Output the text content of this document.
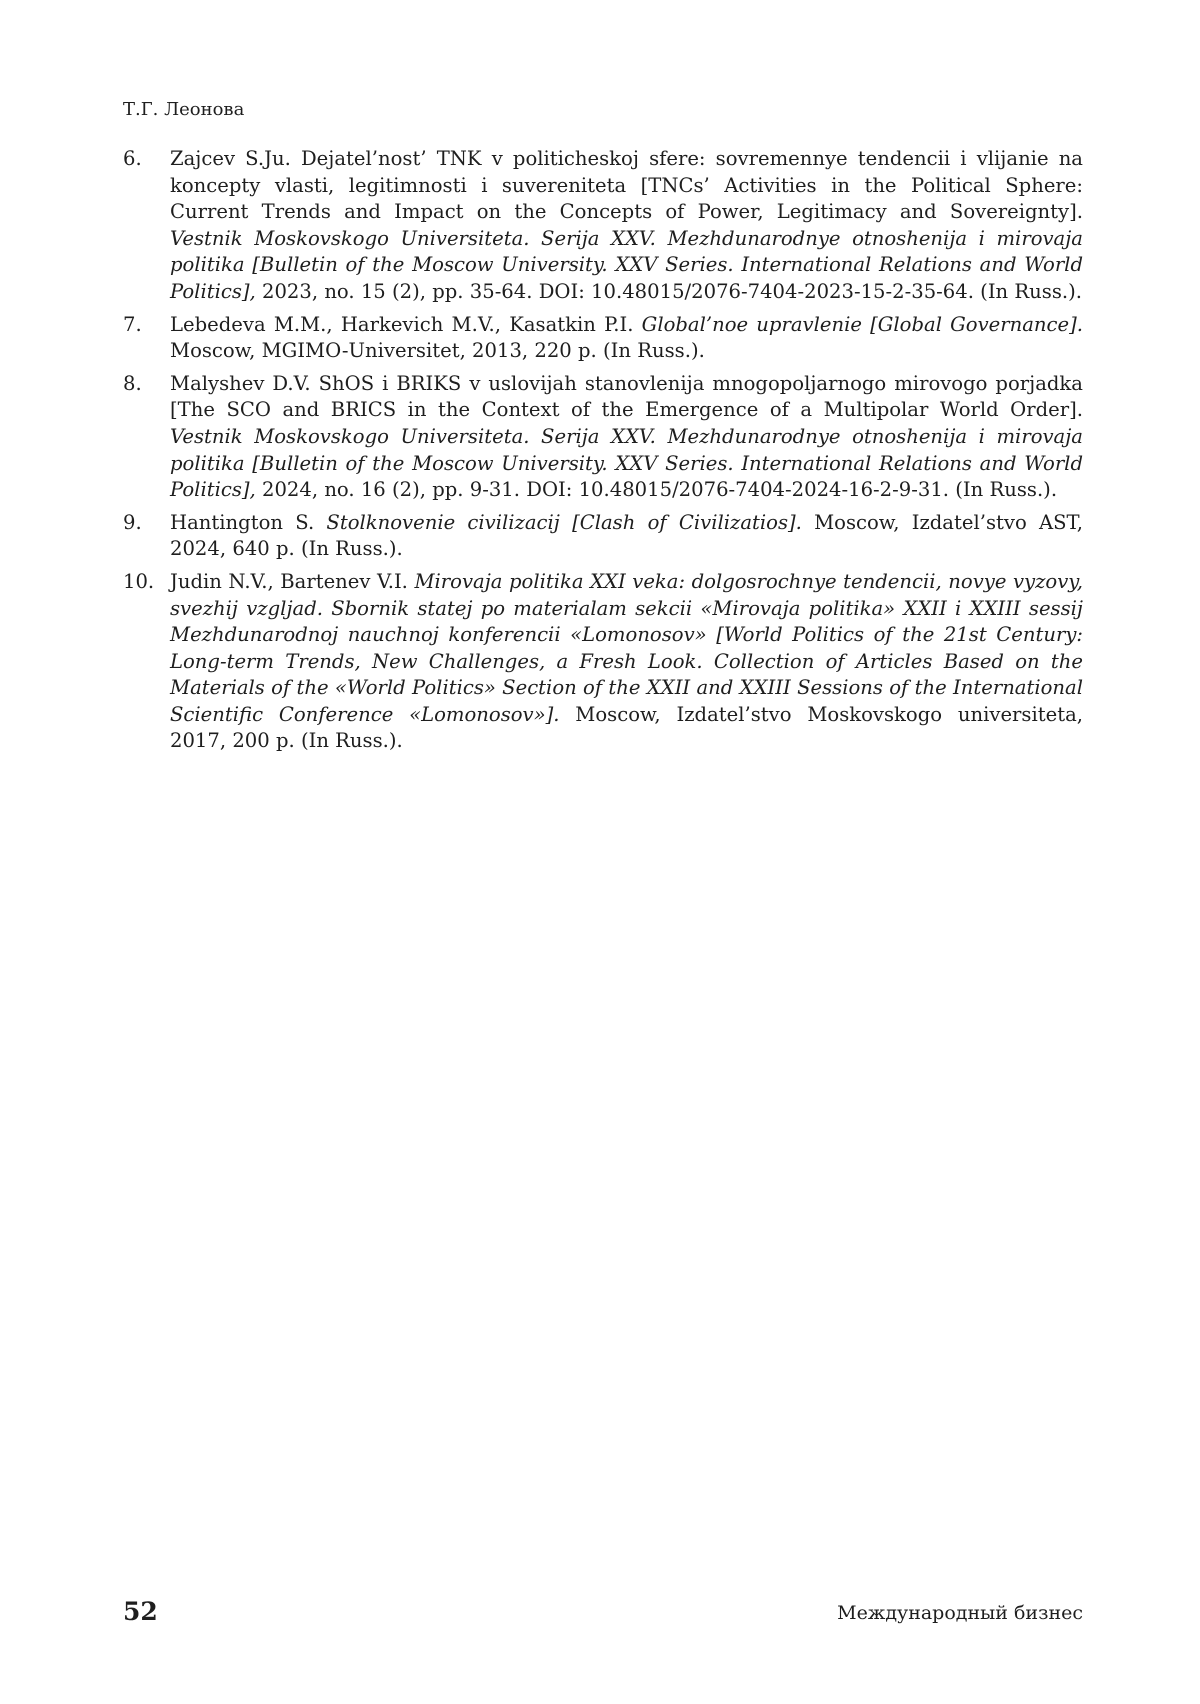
Т.Г. Леонова
6. Zajcev S.Ju. Dejatel’nost’ TNK v politicheskoj sfere: sovremennye tendencii i vlijanie na koncepty vlasti, legitimnosti i suvereniteta [TNCs’ Activities in the Political Sphere: Current Trends and Impact on the Concepts of Power, Legitimacy and Sovereignty]. Vestnik Moskovskogo Universiteta. Serija XXV. Mezhdunarodnye otnoshenija i mirovaja politika [Bulletin of the Moscow University. XXV Series. International Relations and World Politics], 2023, no. 15 (2), pp. 35-64. DOI: 10.48015/2076-7404-2023-15-2-35-64. (In Russ.).
7. Lebedeva M.M., Harkevich M.V., Kasatkin P.I. Global’noe upravlenie [Global Governance]. Moscow, MGIMO-Universitet, 2013, 220 p. (In Russ.).
8. Malyshev D.V. ShOS i BRIKS v uslovijah stanovlenija mnogopoljarnogo mirovogo porjadka [The SCO and BRICS in the Context of the Emergence of a Multipolar World Order]. Vestnik Moskovskogo Universiteta. Serija XXV. Mezhdunarodnye otnoshenija i mirovaja politika [Bulletin of the Moscow University. XXV Series. International Relations and World Politics], 2024, no. 16 (2), pp. 9-31. DOI: 10.48015/2076-7404-2024-16-2-9-31. (In Russ.).
9. Hantington S. Stolknovenie civilizacij [Clash of Civilizatios]. Moscow, Izdatel’stvo AST, 2024, 640 p. (In Russ.).
10. Judin N.V., Bartenev V.I. Mirovaja politika XXI veka: dolgosrochnye tendencii, novye vyzovy, svezhij vzgljad. Sbornik statej po materialam sekcii «Mirovaja politika» XXII i XXIII sessij Mezhdunarodnoj nauchnoj konferencii «Lomonosov» [World Politics of the 21st Century: Long-term Trends, New Challenges, a Fresh Look. Collection of Articles Based on the Materials of the «World Politics» Section of the XXII and XXIII Sessions of the International Scientific Conference «Lomonosov»]. Moscow, Izdatel’stvo Moskovskogo universiteta, 2017, 200 p. (In Russ.).
52	Международный бизнес
